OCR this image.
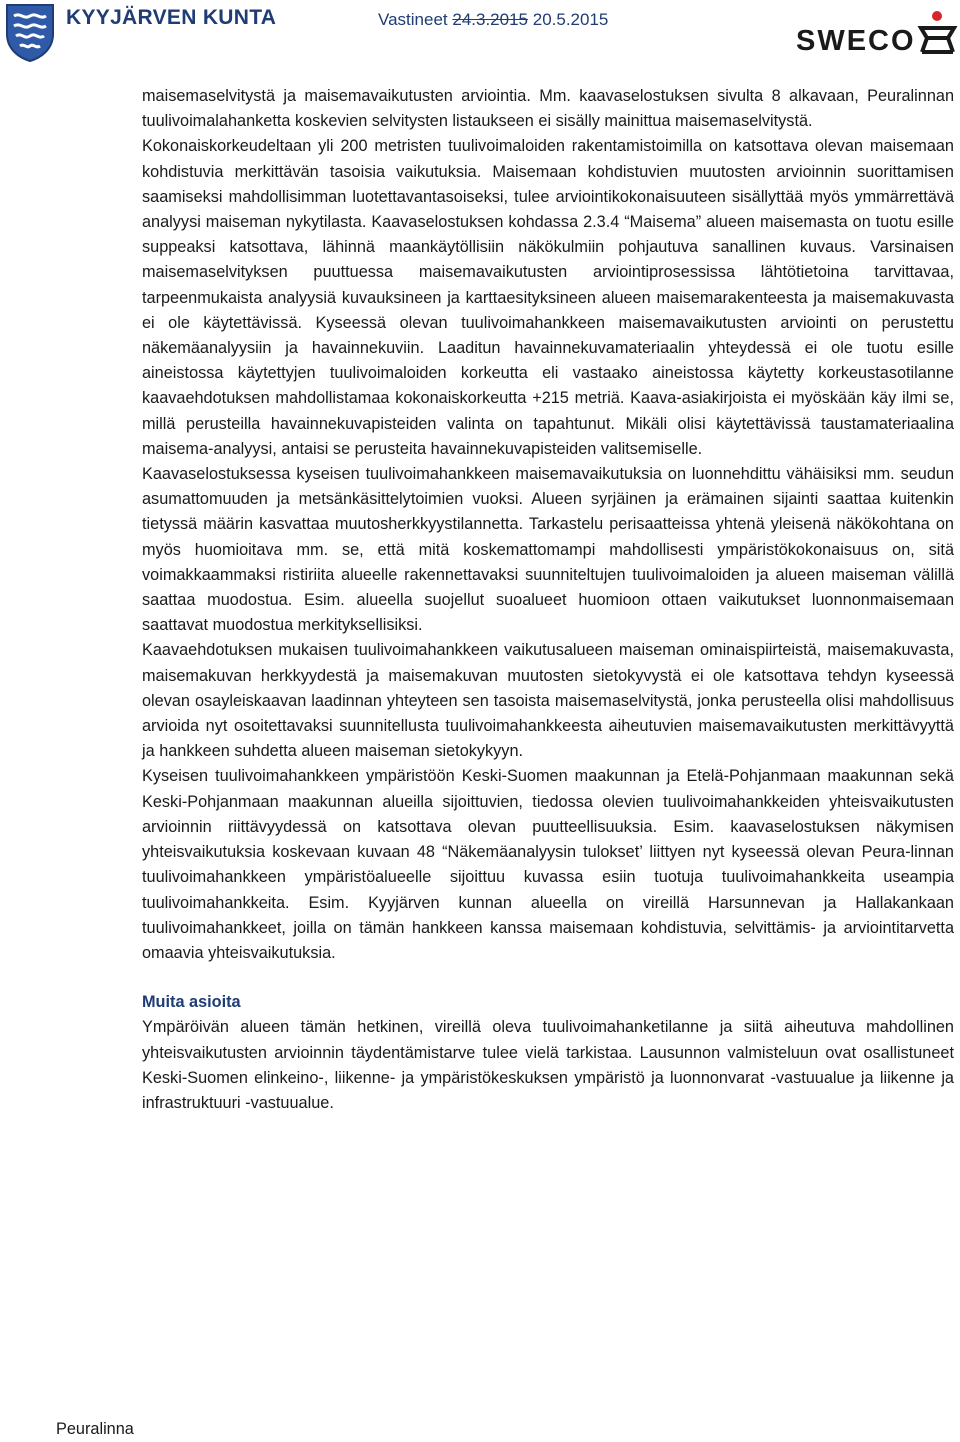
KYYJÄRVEN KUNTA	Vastineet 24.3.2015 20.5.2015
SWECO

maisemaselvitystä ja maisemavaikutusten arviointia. Mm. kaavaselostuksen sivulta 8 alkavaan, Peuralinnan tuulivoimalahanketta koskevien selvitysten listaukseen ei sisälly mainittua maisemaselvitystä.

Kokonaiskorkeudeltaan yli 200 metristen tuulivoimaloiden rakentamistoimilla on katsottava olevan maisemaan kohdistuvia merkittävän tasoisia vaikutuksia. Maisemaan kohdistuvien muutosten arvioinnin suorittamisen saamiseksi mahdollisimman luotettavantasoiseksi, tulee arviointikokonaisuuteen sisällyttää myös ymmärrettävä analyysi maiseman nykytilasta. Kaavaselostuksen kohdassa 2.3.4 “Maisema” alueen maisemasta on tuotu esille suppeaksi katsottava, lähinnä maankäytöllisiin näkökulmiin pohjautuva sanallinen kuvaus. Varsinaisen maisemaselvityksen puuttuessa maisemavaikutusten arviointiprosessissa lähtötietoina tarvittavaa, tarpeenmukaista analyysiä kuvauksineen ja karttaesityksineen alueen maisemarakenteesta ja maisemakuvasta ei ole käytettävissä. Kyseessä olevan tuulivoimahankkeen maisemavaikutusten arviointi on perustettu näkemäanalyysiin ja havainnekuviin. Laaditun havainnekuvamateriaalin yhteydessä ei ole tuotu esille aineistossa käytettyjen tuulivoimaloiden korkeutta eli vastaako aineistossa käytetty korkeustasotilanne kaavaehdotuksen mahdollistamaa kokonaiskorkeutta +215 metriä. Kaava-asiakirjoista ei myöskään käy ilmi se, millä perusteilla havainnekuvapisteiden valinta on tapahtunut. Mikäli olisi käytettävissä taustamateriaalina maisema-analyysi, antaisi se perusteita havainnekuvapisteiden valitsemiselle.

Kaavaselostuksessa kyseisen tuulivoimahankkeen maisemavaikutuksia on luonnehdittu vähäisiksi mm. seudun asumattomuuden ja metsänkäsittelytoimien vuoksi. Alueen syrjäinen ja erämainen sijainti saattaa kuitenkin tietyssä määrin kasvattaa muutosherkkyystilannetta. Tarkastelu perisaatteissa yhtenä yleisenä näkökohtana on myös huomioitava mm. se, että mitä koskemattomampi mahdollisesti ympäristökokonaisuus on, sitä voimakkaammaksi ristiriita alueelle rakennettavaksi suunniteltujen tuulivoimaloiden ja alueen maiseman välillä saattaa muodostua. Esim. alueella suojellut suoalueet huomioon ottaen vaikutukset luonnonmaisemaan saattavat muodostua merkityksellisiksi.

Kaavaehdotuksen mukaisen tuulivoimahankkeen vaikutusalueen maiseman ominaispiirteistä, maisemakuvasta, maisemakuvan herkkyydestä ja maisemakuvan muutosten sietokyvystä ei ole katsottava tehdyn kyseessä olevan osayleiskaavan laadinnan yhteyteen sen tasoista maisemaselvitystä, jonka perusteella olisi mahdollisuus arvioida nyt osoitettavaksi suunnitellusta tuulivoimahankkeesta aiheutuvien maisemavaikutusten merkittävyyttä ja hankkeen suhdetta alueen maiseman sietokykyyn.

Kyseisen tuulivoimahankkeen ympäristöön Keski-Suomen maakunnan ja Etelä-Pohjanmaan maakunnan sekä Keski-Pohjanmaan maakunnan alueilla sijoittuvien, tiedossa olevien tuulivoimahankkeiden yhteisvaikutusten arvioinnin riittävyydessä on katsottava olevan puutteellisuuksia. Esim. kaavaselostuksen näkymisen yhteisvaikutuksia koskevaan kuvaan 48 “Näkemäanalyysin tulokset’ liittyen nyt kyseessä olevan Peura-linnan tuulivoimahankkeen ympäristöalueelle sijoittuu kuvassa esiin tuotuja tuulivoimahankkeita useampia tuulivoimahankkeita. Esim. Kyyjärven kunnan alueella on vireillä Harsunnevan ja Hallakankaan tuulivoimahankkeet, joilla on tämän hankkeen kanssa maisemaan kohdistuvia, selvittämis- ja arviointitarvetta omaavia yhteisvaikutuksia.

Muita asioita

Ympäröivän alueen tämän hetkinen, vireillä oleva tuulivoimahanketilanne ja siitä aiheutuva mahdollinen yhteisvaikutusten arvioinnin täydentämistarve tulee vielä tarkistaa. Lausunnon valmisteluun ovat osallistuneet Keski-Suomen elinkeino-, liikenne- ja ympäristökeskuksen ympäristö ja luonnonvarat -vastuualue ja liikenne ja infrastruktuuri -vastuualue.

Peuralinna
